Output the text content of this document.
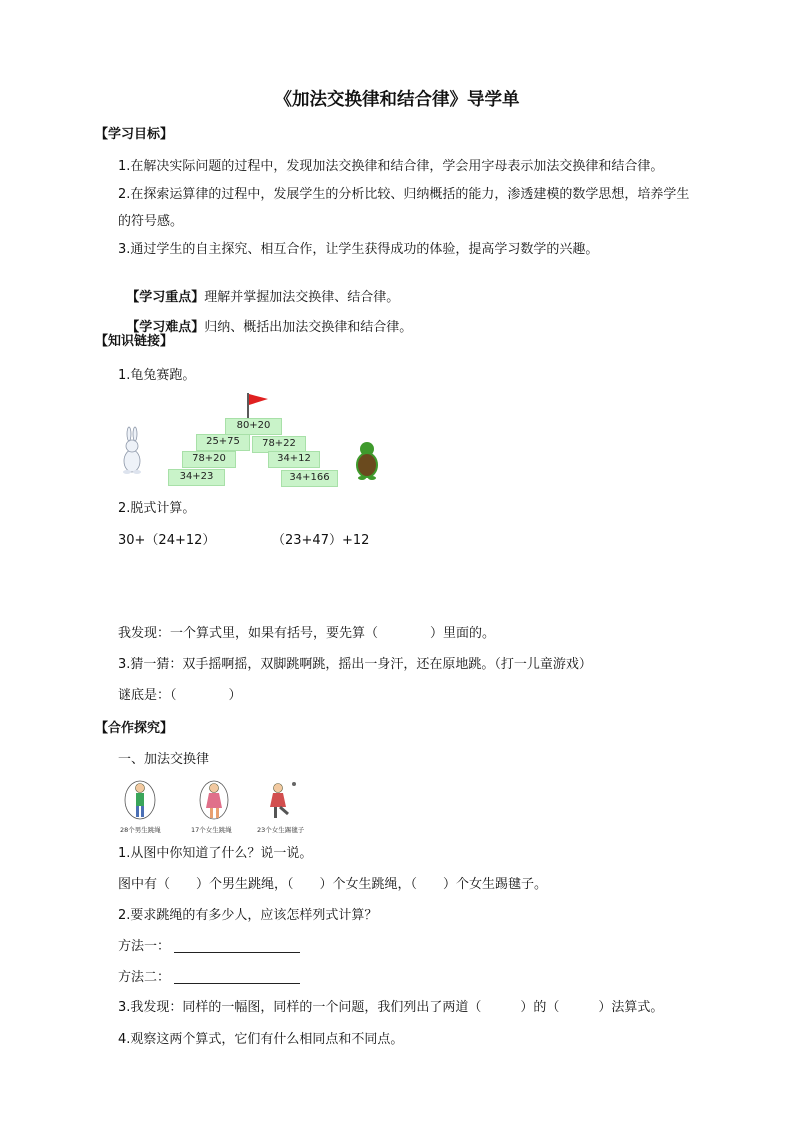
《加法交换律和结合律》导学单
【学习目标】
1.在解决实际问题的过程中，发现加法交换律和结合律，学会用字母表示加法交换律和结合律。
2.在探索运算律的过程中，发展学生的分析比较、归纳概括的能力，渗透建模的数学思想，培养学生
的符号感。
3.通过学生的自主探究、相互合作，让学生获得成功的体验，提高学习数学的兴趣。

【学习重点】理解并掌握加法交换律、结合律。

【学习难点】归纳、概括出加法交换律和结合律。

【知识链接】
1.龟兔赛跑。
80+20
25+75	78+22
78+20	34+12
34+23	34+166
2.脱式计算。
30+（24+12）	（23+47）+12
我发现：一个算式里，如果有括号，要先算（　　　　）里面的。
3.猜一猜：双手摇啊摇，双脚跳啊跳，摇出一身汗，还在原地跳。（打一儿童游戏）
谜底是：（　　　　）
【合作探究】
一、加法交换律
28个男生跳绳	17个女生跳绳	23个女生踢毽子
1.从图中你知道了什么？说一说。
图中有（　　）个男生跳绳，（　　）个女生跳绳，（　　）个女生踢毽子。
2.要求跳绳的有多少人，应该怎样列式计算？
方法一：
方法二：
3.我发现：同样的一幅图，同样的一个问题，我们列出了两道（　　　）的（　　　）法算式。
4.观察这两个算式，它们有什么相同点和不同点。
